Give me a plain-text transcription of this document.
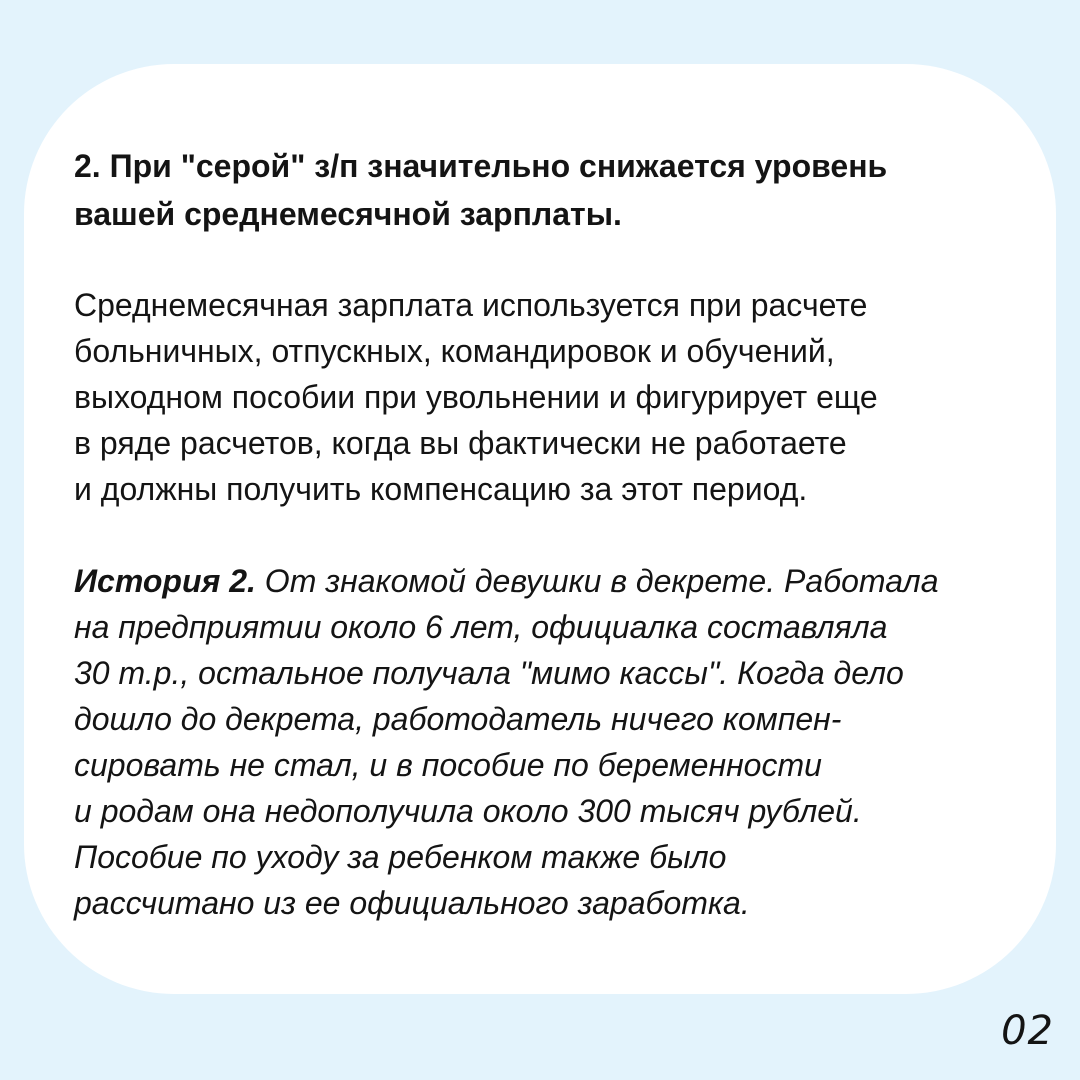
2. При "серой" з/п значительно снижается уровень
вашей среднемесячной зарплаты.

Среднемесячная зарплата используется при расчете
больничных, отпускных, командировок и обучений,
выходном пособии при увольнении и фигурирует еще
в ряде расчетов, когда вы фактически не работаете
и должны получить компенсацию за этот период.

История 2. От знакомой девушки в декрете. Работала
на предприятии около 6 лет, официалка составляла
30 т.р., остальное получала "мимо кассы". Когда дело
дошло до декрета, работодатель ничего компен-
сировать не стал, и в пособие по беременности
и родам она недополучила около 300 тысяч рублей.
Пособие по уходу за ребенком также было
рассчитано из ее официального заработка.

02
